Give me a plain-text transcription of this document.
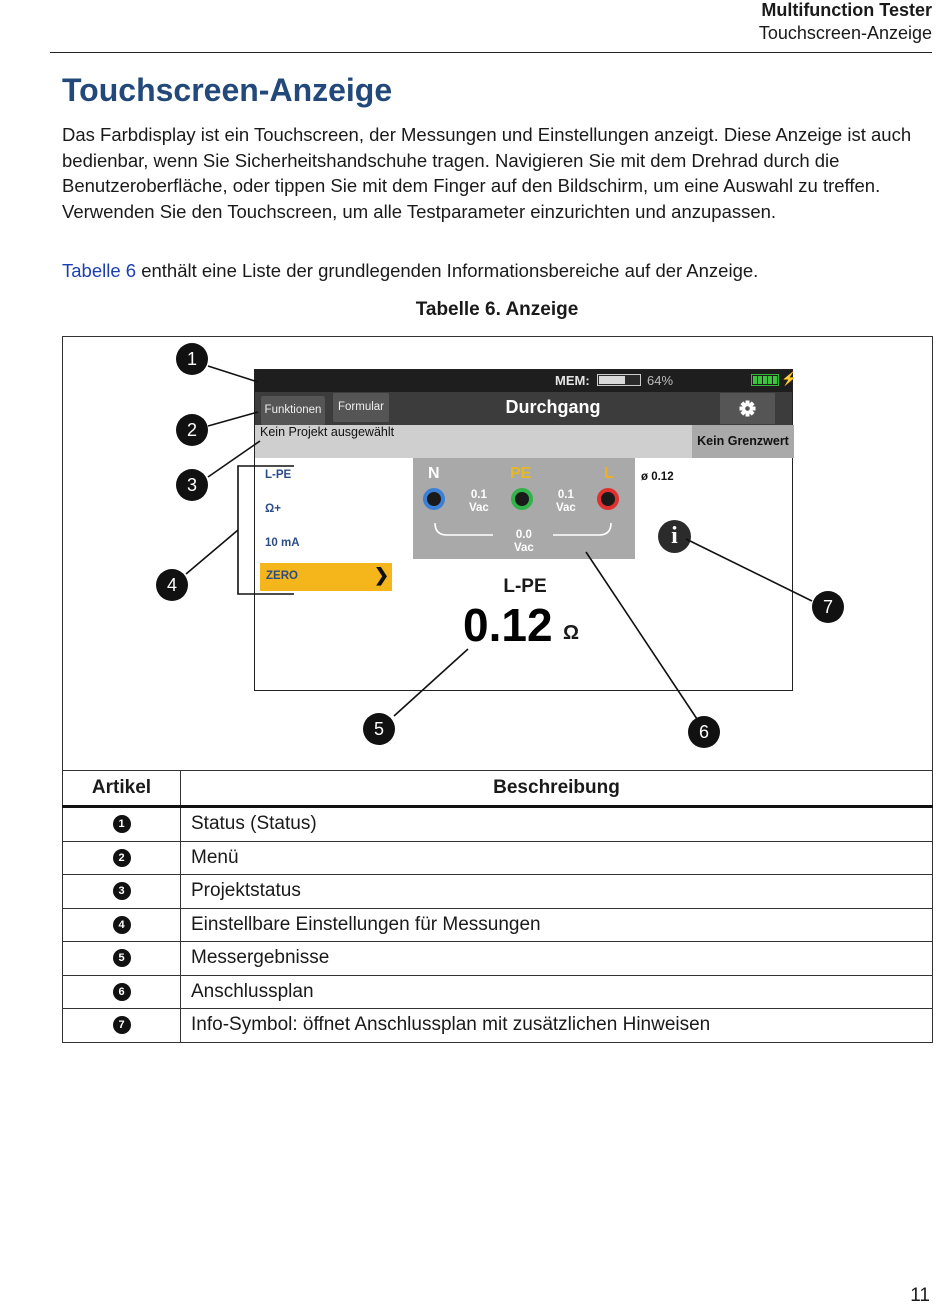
Multifunction Tester
Touchscreen-Anzeige
Touchscreen-Anzeige

Das Farbdisplay ist ein Touchscreen, der Messungen und Einstellungen anzeigt. Diese Anzeige ist auch bedienbar, wenn Sie Sicherheitshandschuhe tragen. Navigieren Sie mit dem Drehrad durch die Benutzeroberfläche, oder tippen Sie mit dem Finger auf den Bildschirm, um eine Auswahl zu treffen. Verwenden Sie den Touchscreen, um alle Testparameter einzurichten und anzupassen.

Tabelle 6 enthält eine Liste der grundlegenden Informationsbereiche auf der Anzeige.

Tabelle 6. Anzeige
MEM:	64%	⚡
Funktionen	Formular	Durchgang
Kein Projekt ausgewählt
Kein Grenzwert
L-PE
Ω+
10 mA
ZERO	❯
N	PE	L
0.1
Vac
0.1
Vac
0.0
Vac
ø 0.12
i
L-PE
0.12 Ω
1
2
3
4
5	6
7
Artikel	Beschreibung
1	Status (Status)
2	Menü
3	Projektstatus
4	Einstellbare Einstellungen für Messungen
5	Messergebnisse
6	Anschlussplan
7	Info-Symbol: öffnet Anschlussplan mit zusätzlichen Hinweisen
11
